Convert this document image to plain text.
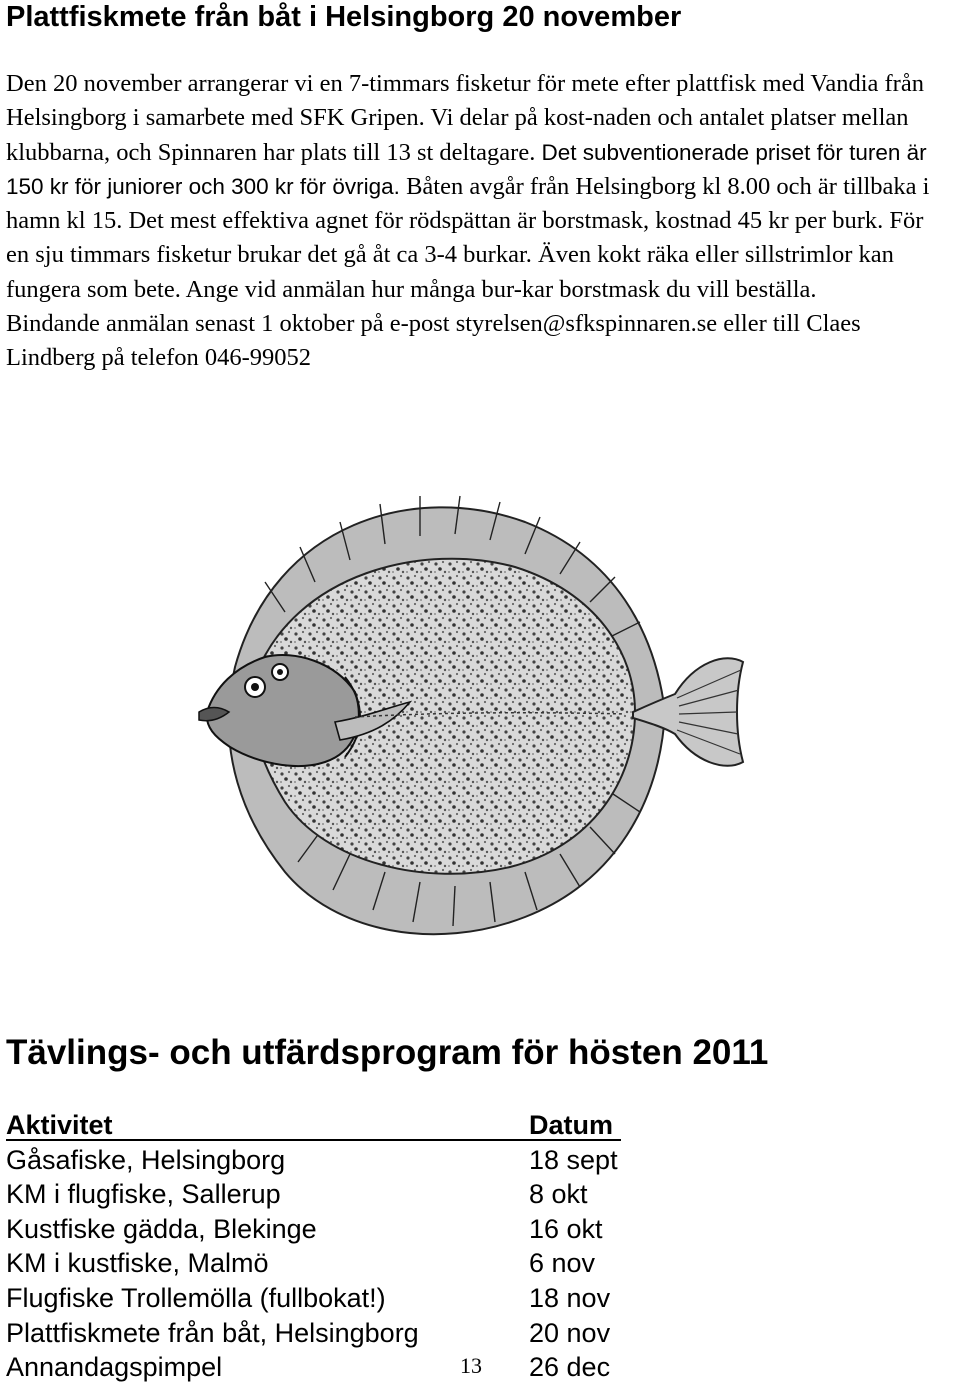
Plattfiskmete från båt i Helsingborg 20 november

Den 20 november arrangerar vi en 7-timmars fisketur för mete efter plattfisk med Vandia från Helsingborg i samarbete med SFK Gripen. Vi delar på kost-naden och antalet platser mellan klubbarna, och Spinnaren har plats till 13 st deltagare. Det subventionerade priset för turen är 150 kr för juniorer och 300 kr för övriga. Båten avgår från Helsingborg kl 8.00 och är tillbaka i hamn kl 15. Det mest effektiva agnet för rödspättan är borstmask, kostnad 45 kr per burk. För en sju timmars fisketur brukar det gå åt ca 3-4 burkar. Även kokt räka eller sillstrimlor kan fungera som bete. Ange vid anmälan hur många bur-kar borstmask du vill beställa.
Bindande anmälan senast 1 oktober på e-post styrelsen@sfkspinnaren.se eller till Claes Lindberg på telefon 046-99052

Tävlings- och utfärdsprogram för hösten 2011
Aktivitet	Datum
Gåsafiske, Helsingborg	18 sept
KM i flugfiske, Sallerup	8 okt
Kustfiske gädda, Blekinge	16 okt
KM i kustfiske, Malmö	6 nov
Flugfiske Trollemölla (fullbokat!)	18 nov
Plattfiskmete från båt, Helsingborg	20 nov
Annandagspimpel	26 dec
13
